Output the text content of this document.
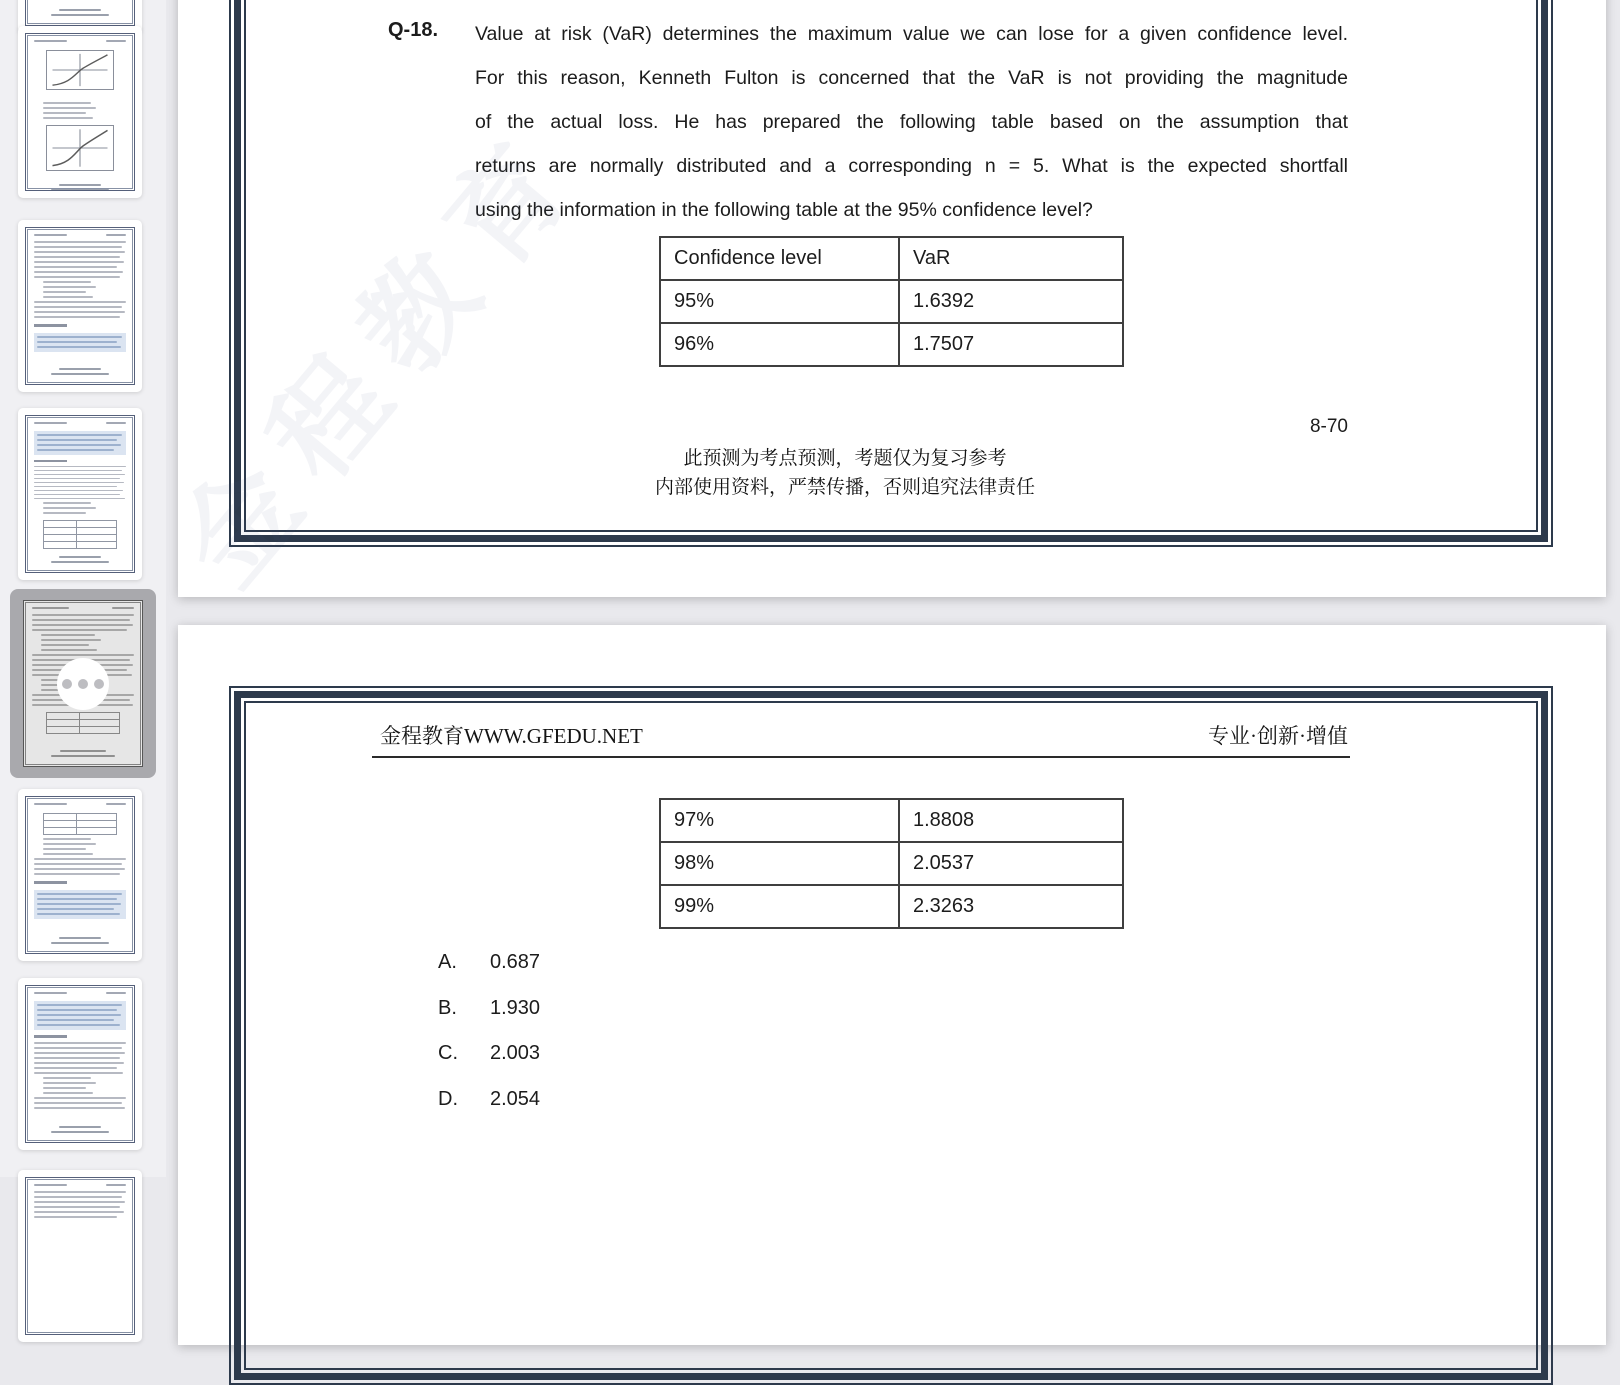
金程教育
Q-18. Value at risk (VaR) determines the maximum value we can lose for a given confidence level.
For this reason, Kenneth Fulton is concerned that the VaR is not providing the magnitude
of the actual loss. He has prepared the following table based on the assumption that
returns are normally distributed and a corresponding n = 5. What is the expected shortfall
using the information in the following table at the 95% confidence level?
Confidence level	VaR
95%	1.6392
96%	1.7507
8-70
此预测为考点预测，考题仅为复习参考
内部使用资料，严禁传播，否则追究法律责任
金程教育WWW.GFEDU.NET	专业·创新·增值
97%	1.8808
98%	2.0537
99%	2.3263
A. 0.687
B. 1.930
C. 2.003
D. 2.054
